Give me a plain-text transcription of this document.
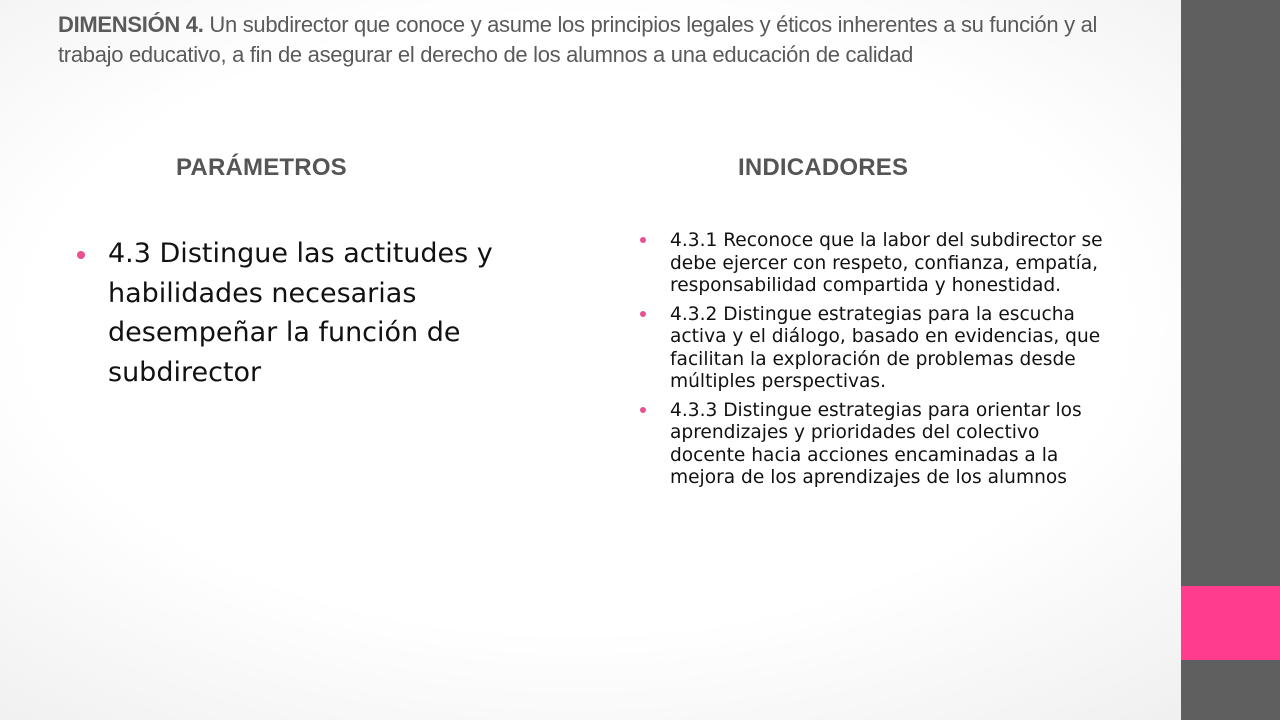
DIMENSIÓN 4. Un subdirector que conoce y asume los principios legales y éticos inherentes a su función y al trabajo educativo, a fin de asegurar el derecho de los alumnos a una educación de calidad
PARÁMETROS	INDICADORES
4.3 Distingue las actitudes y habilidades necesarias desempeñar la función de subdirector
4.3.1 Reconoce que la labor del subdirector se debe ejercer con respeto, confianza, empatía, responsabilidad compartida y honestidad.
4.3.2 Distingue estrategias para la escucha activa y el diálogo, basado en evidencias, que facilitan la exploración de problemas desde múltiples perspectivas.
4.3.3 Distingue estrategias para orientar los aprendizajes y prioridades del colectivo docente hacia acciones encaminadas a la mejora de los aprendizajes de los alumnos
